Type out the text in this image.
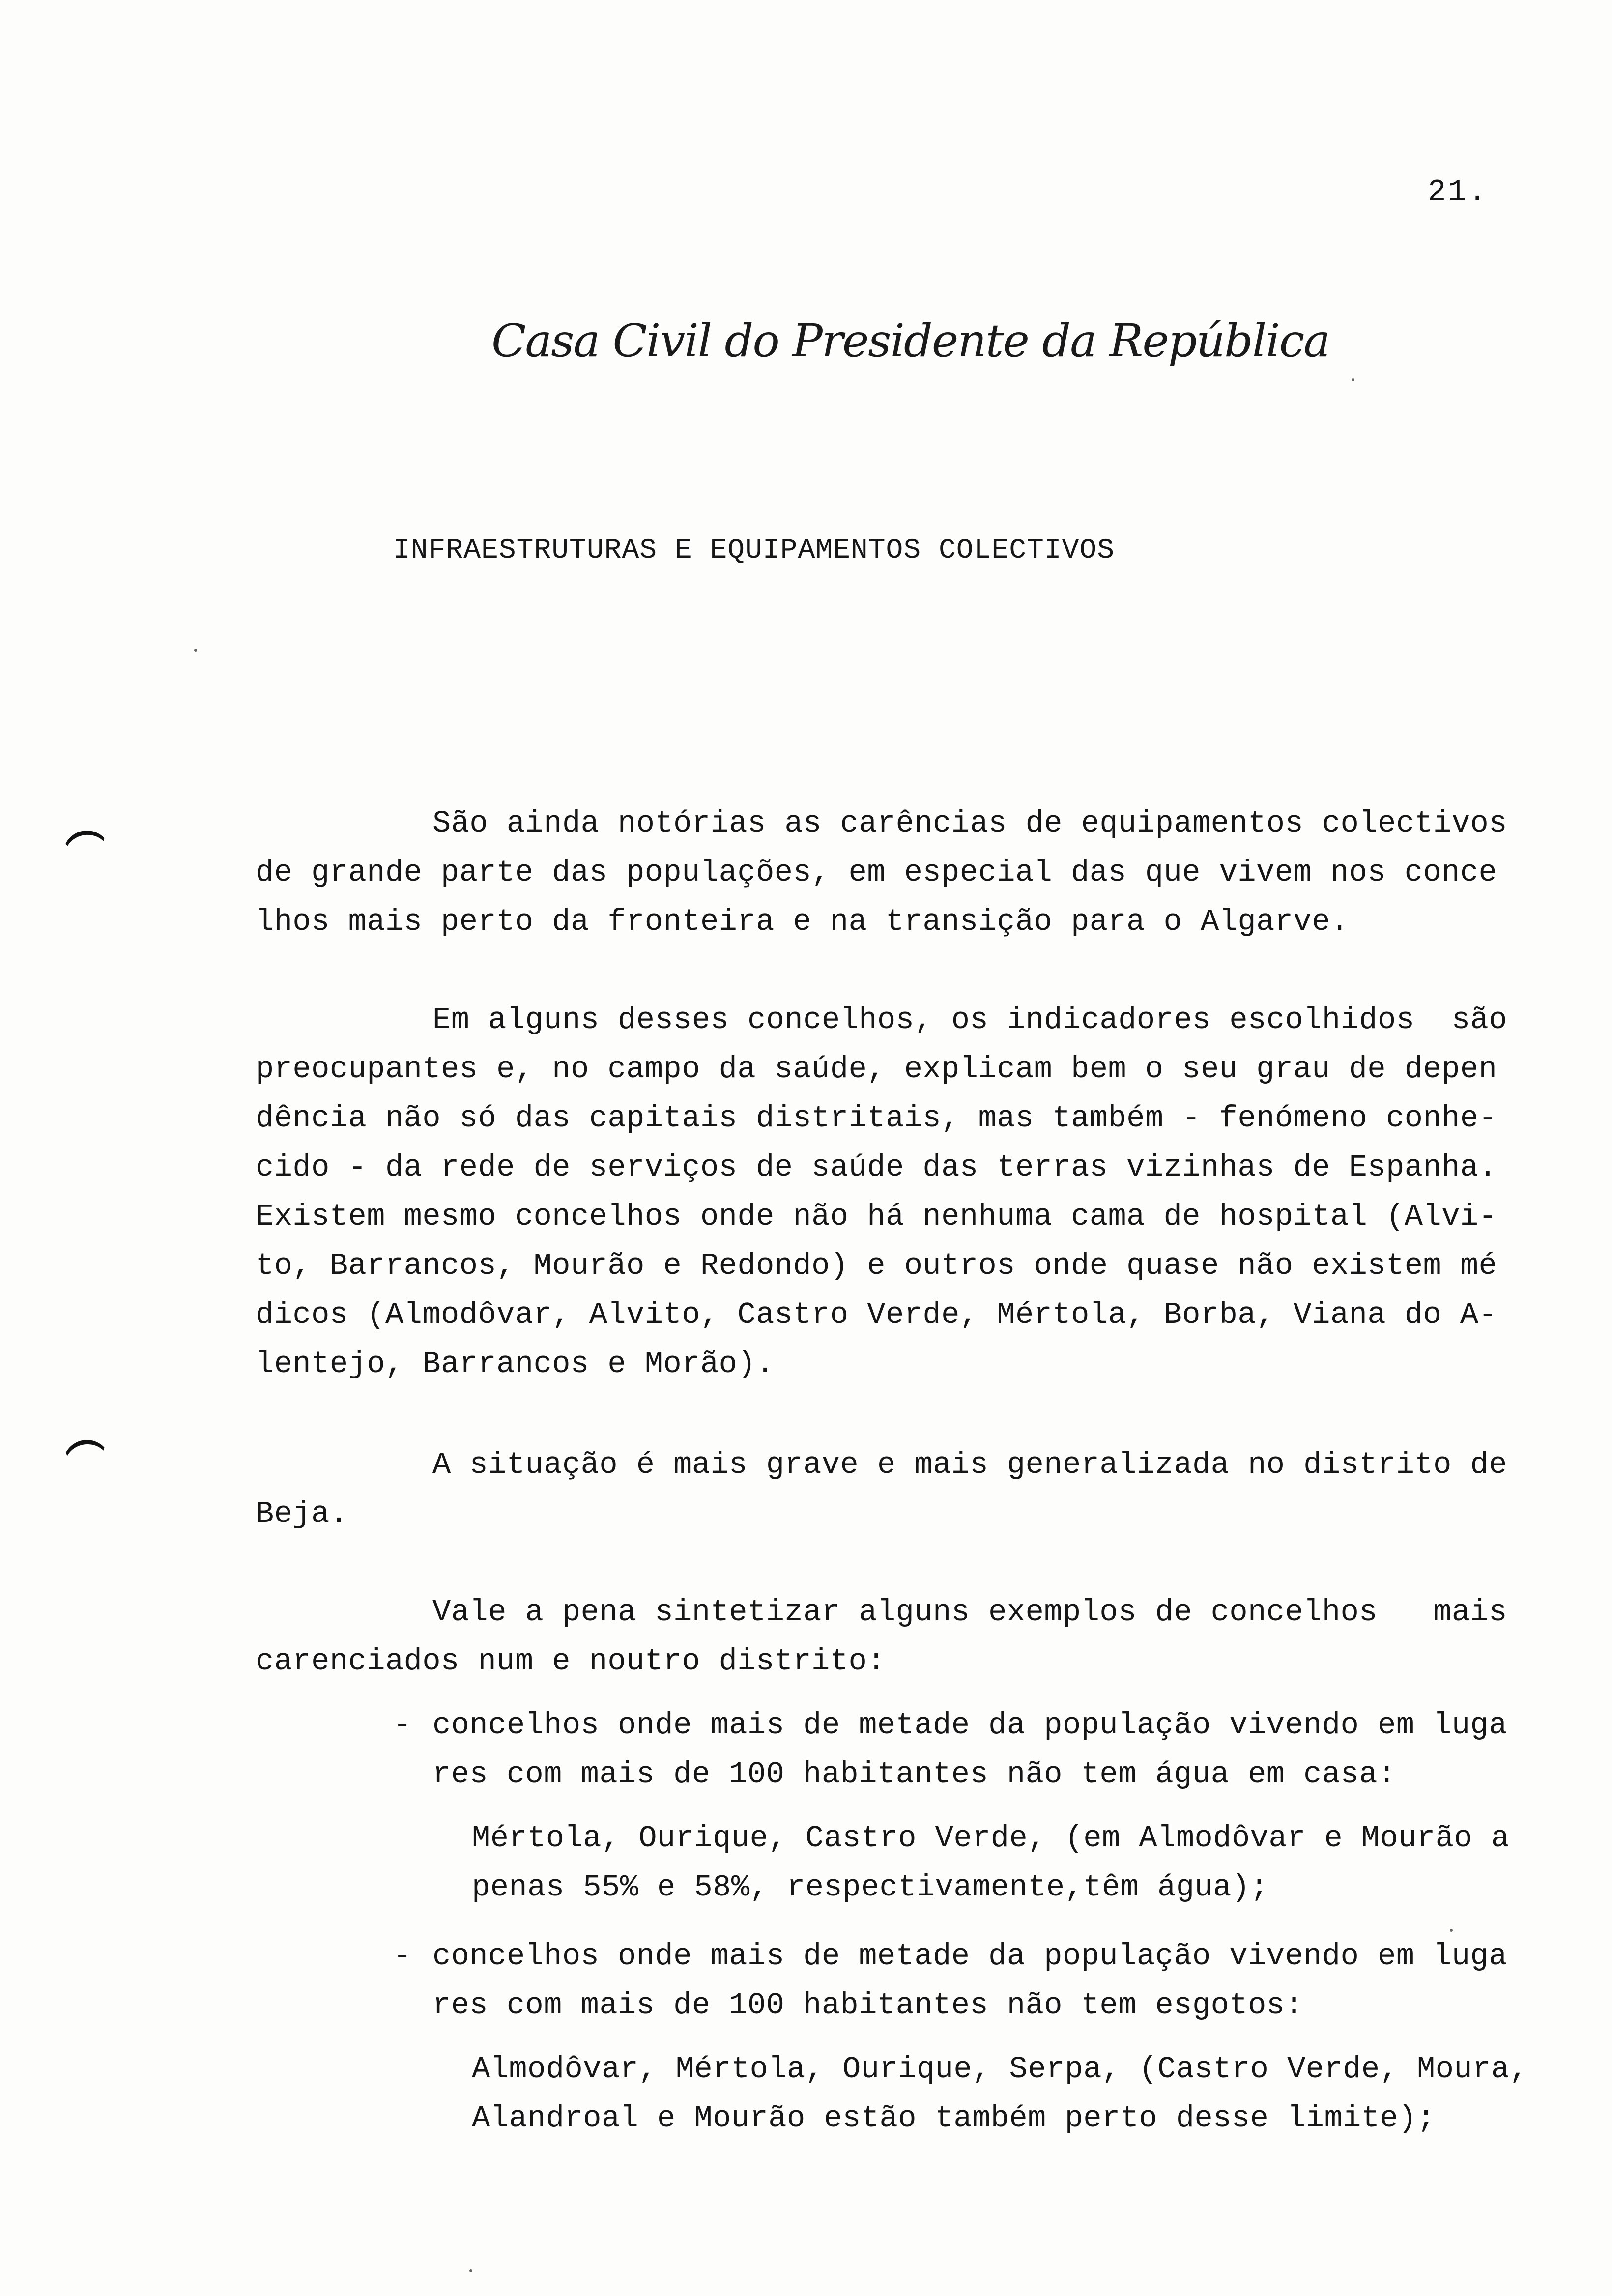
21.
Casa Civil do Presidente da República
INFRAESTRUTURAS E EQUIPAMENTOS COLECTIVOS
São ainda notórias as carências de equipamentos colectivos
de grande parte das populações, em especial das que vivem nos conce
lhos mais perto da fronteira e na transição para o Algarve.
Em alguns desses concelhos, os indicadores escolhidos  são
preocupantes e, no campo da saúde, explicam bem o seu grau de depen
dência não só das capitais distritais, mas também - fenómeno conhe-
cido - da rede de serviços de saúde das terras vizinhas de Espanha.
Existem mesmo concelhos onde não há nenhuma cama de hospital (Alvi-
to, Barrancos, Mourão e Redondo) e outros onde quase não existem mé
dicos (Almodôvar, Alvito, Castro Verde, Mértola, Borba, Viana do A-
lentejo, Barrancos e Morão).
A situação é mais grave e mais generalizada no distrito de
Beja.
Vale a pena sintetizar alguns exemplos de concelhos   mais
carenciados num e noutro distrito:
- concelhos onde mais de metade da população vivendo em luga
res com mais de 100 habitantes não tem água em casa:
Mértola, Ourique, Castro Verde, (em Almodôvar e Mourão a
penas 55% e 58%, respectivamente,têm água);
- concelhos onde mais de metade da população vivendo em luga
res com mais de 100 habitantes não tem esgotos:
Almodôvar, Mértola, Ourique, Serpa, (Castro Verde, Moura,
Alandroal e Mourão estão também perto desse limite);
